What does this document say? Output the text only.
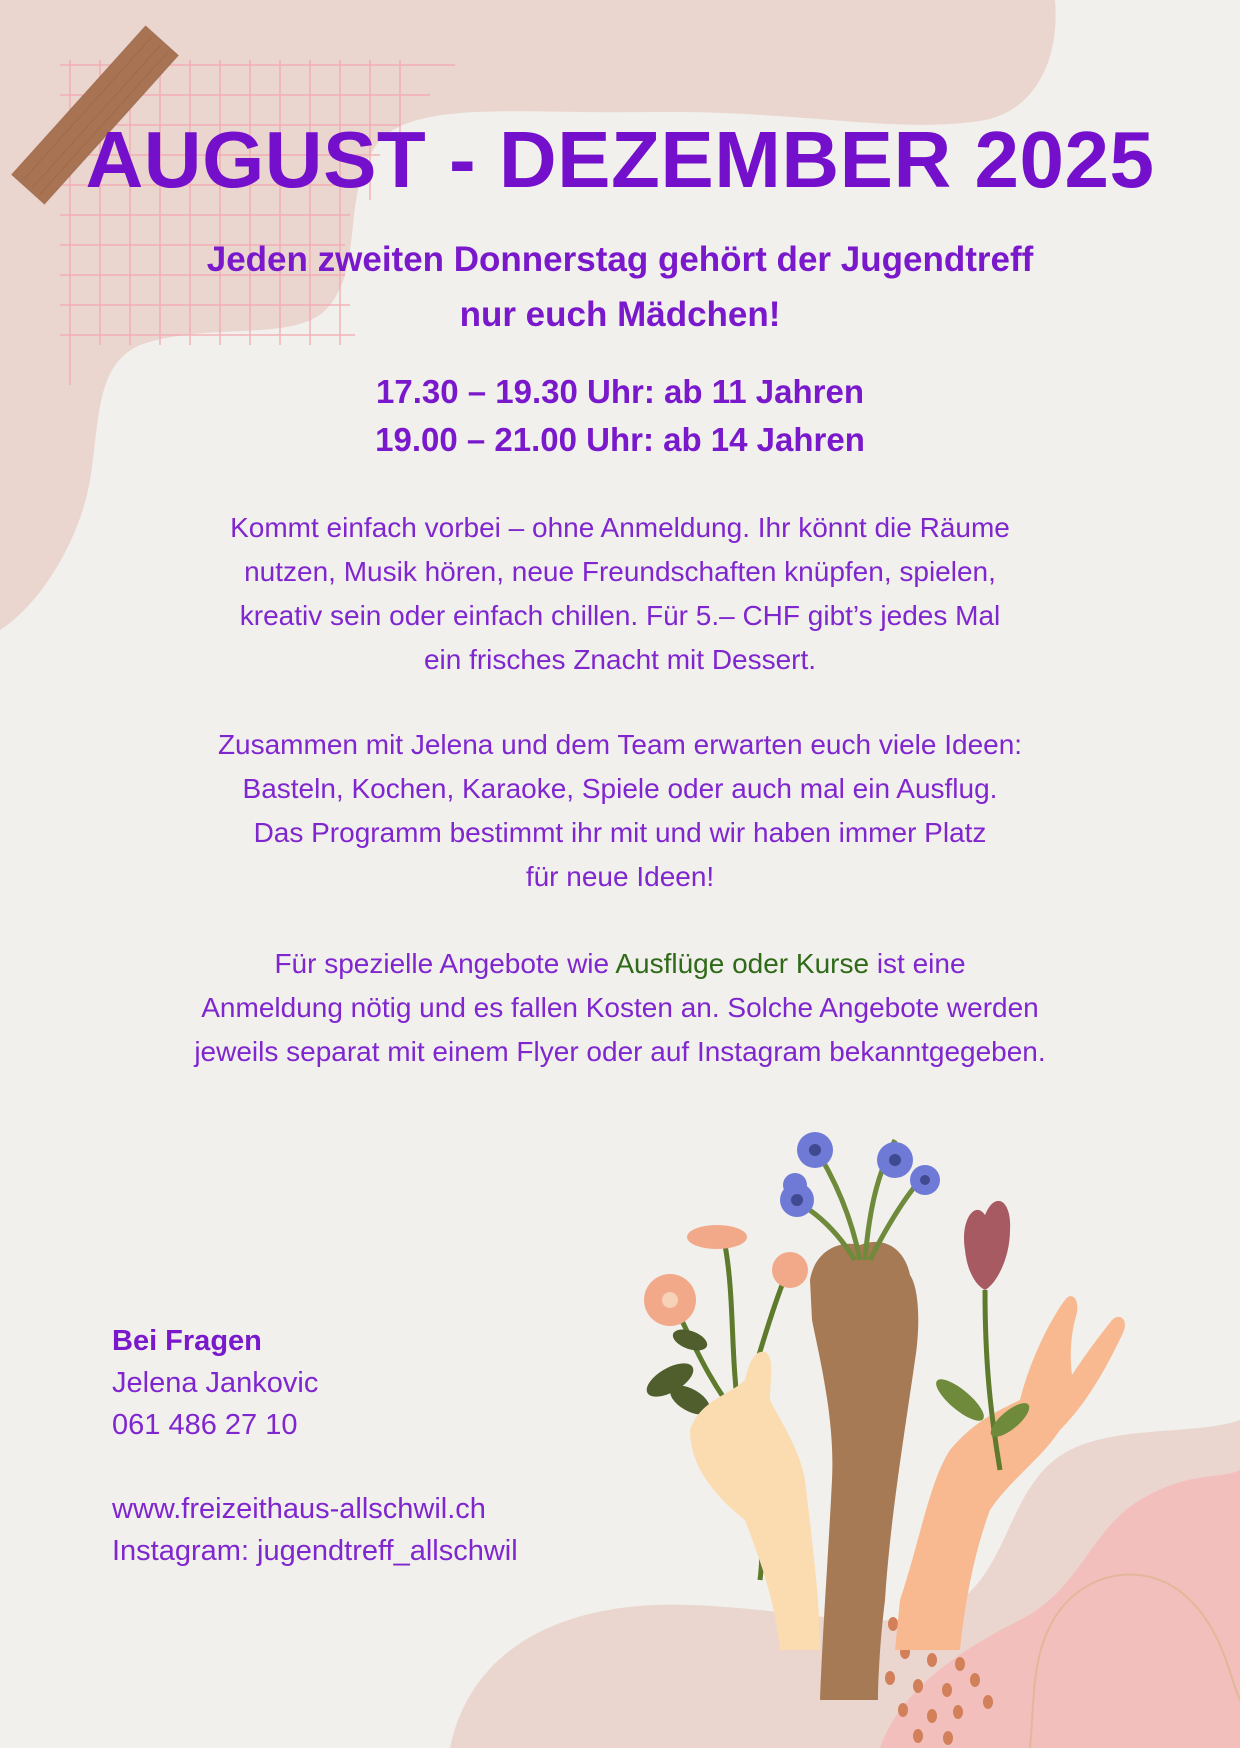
AUGUST - DEZEMBER 2025
Jeden zweiten Donnerstag gehört der Jugendtreff
nur euch Mädchen!
17.30 – 19.30 Uhr: ab 11 Jahren
19.00 – 21.00 Uhr: ab 14 Jahren
Kommt einfach vorbei – ohne Anmeldung. Ihr könnt die Räume
nutzen, Musik hören, neue Freundschaften knüpfen, spielen,
kreativ sein oder einfach chillen. Für 5.– CHF gibt’s jedes Mal
ein frisches Znacht mit Dessert.
Zusammen mit Jelena und dem Team erwarten euch viele Ideen:
Basteln, Kochen, Karaoke, Spiele oder auch mal ein Ausflug.
Das Programm bestimmt ihr mit und wir haben immer Platz
für neue Ideen!
Für spezielle Angebote wie Ausflüge oder Kurse ist eine
Anmeldung nötig und es fallen Kosten an. Solche Angebote werden
jeweils separat mit einem Flyer oder auf Instagram bekanntgegeben.
Bei Fragen
Jelena Jankovic
061 486 27 10
www.freizeithaus-allschwil.ch
Instagram: jugendtreff_allschwil
